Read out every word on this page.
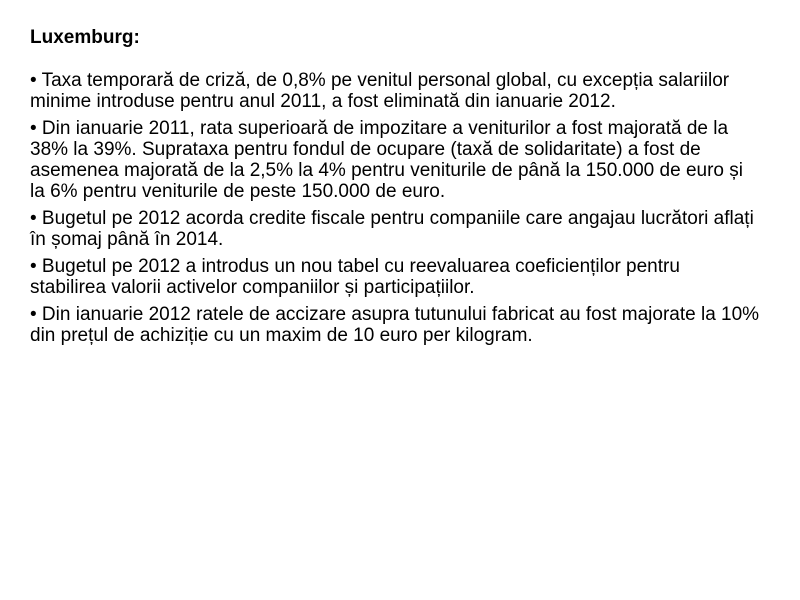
Luxemburg:
• Taxa temporară de criză, de 0,8% pe venitul personal global, cu excepția salariilor minime introduse pentru anul 2011, a fost eliminată din ianuarie 2012.
• Din ianuarie 2011, rata superioară de impozitare a veniturilor a fost majorată de la 38% la 39%. Suprataxa pentru fondul de ocupare (taxă de solidaritate) a fost de asemenea majorată de la 2,5% la 4% pentru veniturile de până la 150.000 de euro și la 6% pentru veniturile de peste 150.000 de euro.
• Bugetul pe 2012 acorda credite fiscale pentru companiile care angajau lucrători aflați în șomaj până în 2014.
• Bugetul pe 2012 a introdus un nou tabel cu reevaluarea coeficienților pentru stabilirea valorii activelor companiilor și participațiilor.
• Din ianuarie 2012 ratele de accizare asupra tutunului fabricat au fost majorate la 10% din prețul de achiziție cu un maxim de 10 euro per kilogram.
